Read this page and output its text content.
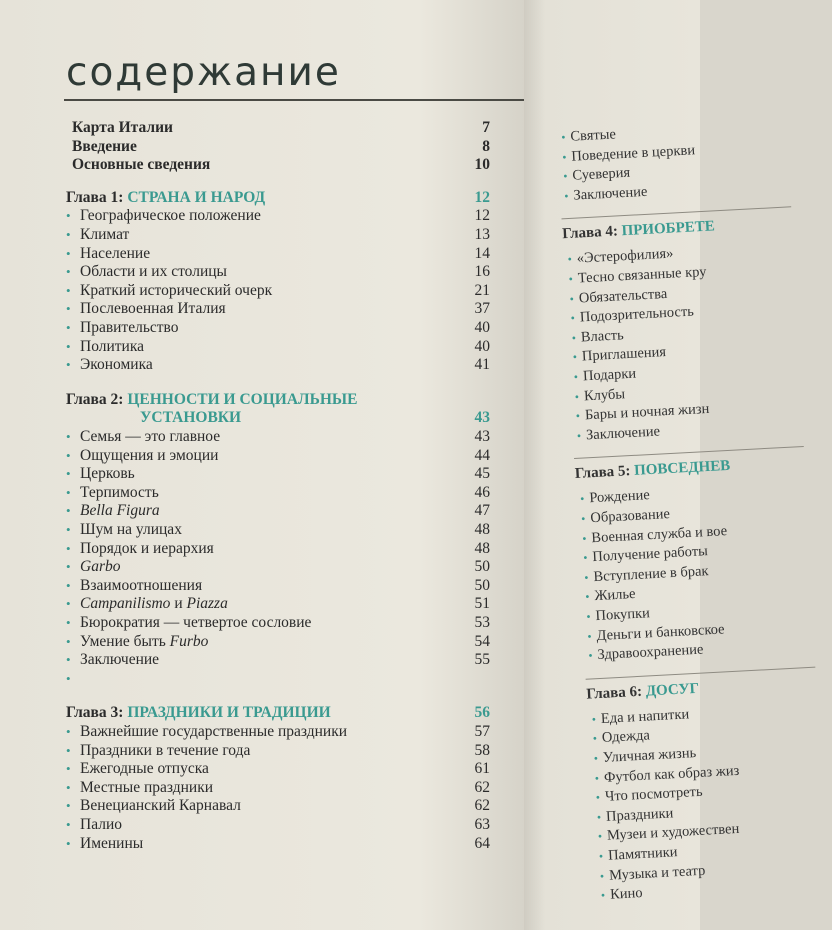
содержание
Карта Италии	7
Введение	8
Основные сведения	10
Глава 1: СТРАНА И НАРОД	12
• Географическое положение	12
• Климат	13
• Население	14
• Области и их столицы	16
• Краткий исторический очерк	21
• Послевоенная Италия	37
• Правительство	40
• Политика	40
• Экономика	41
Глава 2: ЦЕННОСТИ И СОЦИАЛЬНЫЕ
УСТАНОВКИ	43
• Семья — это главное	43
• Ощущения и эмоции	44
• Церковь	45
• Терпимость	46
• Bella Figura	47
• Шум на улицах	48
• Порядок и иерархия	48
• Garbo	50
• Взаимоотношения	50
• Campanilismo и Piazza	51
• Бюрократия — четвертое сословие	53
• Умение быть Furbo	54
• Заключение	55
•
Глава 3: ПРАЗДНИКИ И ТРАДИЦИИ	56
• Важнейшие государственные праздники	57
• Праздники в течение года	58
• Ежегодные отпуска	61
• Местные праздники	62
• Венецианский Карнавал	62
• Палио	63
• Именины	64
• Святые
• Поведение в церкви
• Суеверия
• Заключение
Глава 4: ПРИОБРЕТЕ
• «Эстерофилия»
• Тесно связанные кру
• Обязательства
• Подозрительность
• Власть
• Приглашения
• Подарки
• Клубы
• Бары и ночная жизн
• Заключение
Глава 5: ПОВСЕДНЕВ
• Рождение
• Образование
• Военная служба и вое
• Получение работы
• Вступление в брак
• Жилье
• Покупки
• Деньги и банковское
• Здравоохранение
Глава 6: ДОСУГ
• Еда и напитки
• Одежда
• Уличная жизнь
• Футбол как образ жиз
• Что посмотреть
• Праздники
• Музеи и художествен
• Памятники
• Музыка и театр
• Кино
